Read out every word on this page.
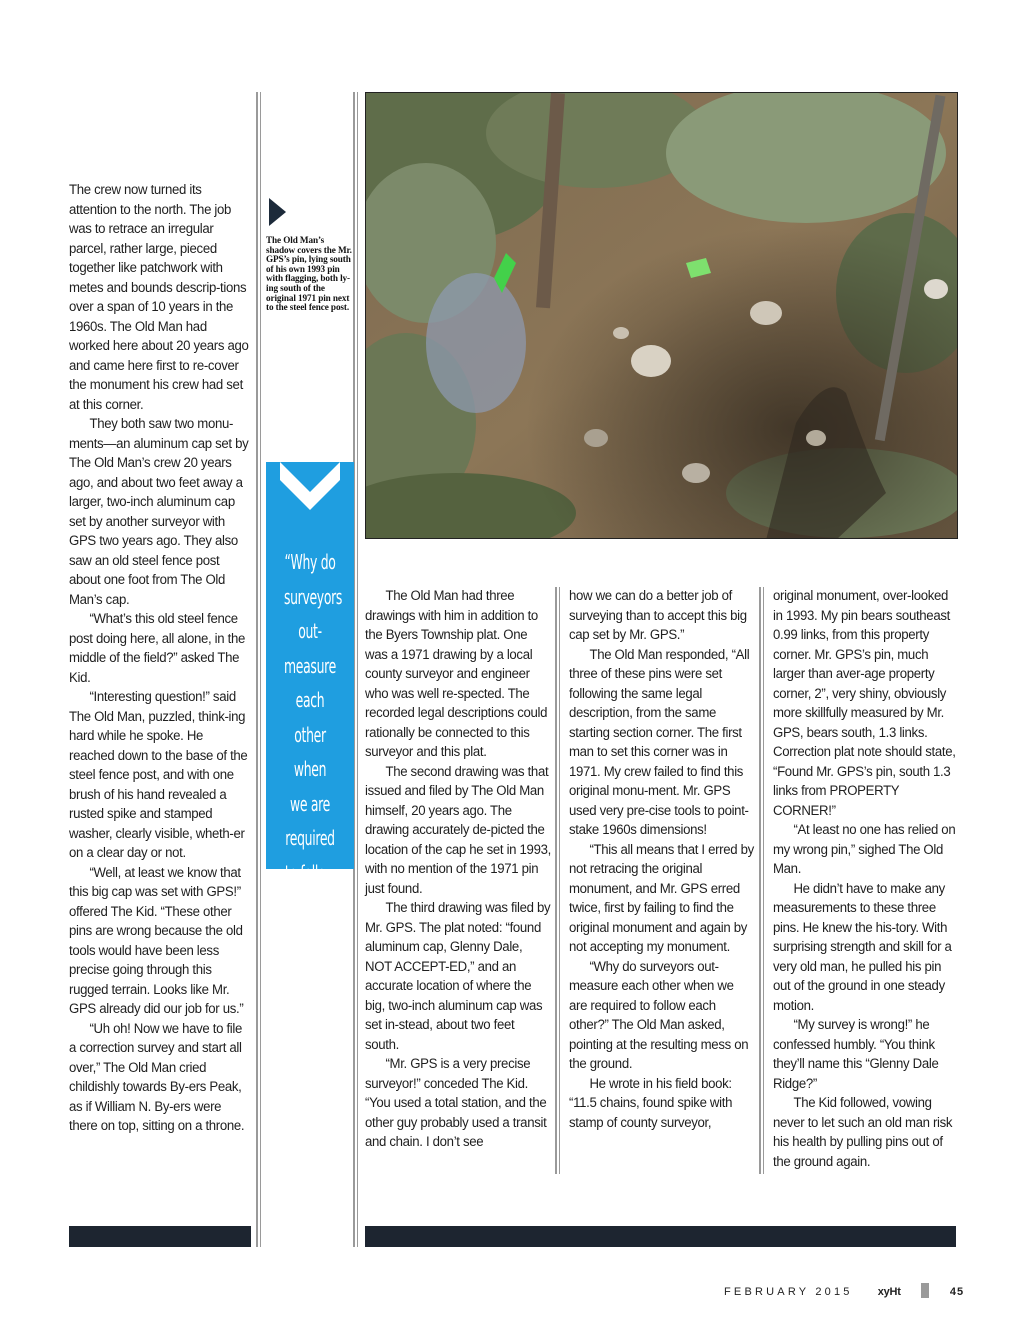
The crew now turned its attention to the north. The job was to retrace an irregular parcel, rather large, pieced together like patchwork with metes and bounds descrip-tions over a span of 10 years in the 1960s. The Old Man had worked here about 20 years ago and came here first to re-cover the monument his crew had set at this corner.

They both saw two monu-ments—an aluminum cap set by The Old Man’s crew 20 years ago, and about two feet away a larger, two-inch aluminum cap set by another surveyor with GPS two years ago. They also saw an old steel fence post about one foot from The Old Man’s cap.

“What’s this old steel fence post doing here, all alone, in the middle of the field?” asked The Kid.

“Interesting question!” said The Old Man, puzzled, think-ing hard while he spoke. He reached down to the base of the steel fence post, and with one brush of his hand revealed a rusted spike and stamped washer, clearly visible, wheth-er on a clear day or not.

“Well, at least we know that this big cap was set with GPS!” offered The Kid. “These other pins are wrong because the old tools would have been less precise going through this rugged terrain. Looks like Mr. GPS already did our job for us.”

“Uh oh! Now we have to file a correction survey and start all over,” The Old Man cried childishly towards By-ers Peak, as if William N. By-ers were there on top, sitting on a throne.

The Old Man’s shadow covers the Mr. GPS’s pin, lying south of his own 1993 pin with flagging, both ly-ing south of the original 1971 pin next to the steel fence post.
“Why do surveyors out-measure each other when we are required to follow each other?”

The Old Man had three drawings with him in addition to the Byers Township plat. One was a 1971 drawing by a local county surveyor and engineer who was well re-spected. The recorded legal descriptions could rationally be connected to this surveyor and this plat.

The second drawing was that issued and filed by The Old Man himself, 20 years ago. The drawing accurately de-picted the location of the cap he set in 1993, with no mention of the 1971 pin just found.

The third drawing was filed by Mr. GPS. The plat noted: “found aluminum cap, Glenny Dale, NOT ACCEPT-ED,” and an accurate location of where the big, two-inch aluminum cap was set in-stead, about two feet south.

“Mr. GPS is a very precise surveyor!” conceded The Kid. “You used a total station, and the other guy probably used a transit and chain. I don’t see

how we can do a better job of surveying than to accept this big cap set by Mr. GPS.”

The Old Man responded, “All three of these pins were set following the same legal description, from the same starting section corner. The first man to set this corner was in 1971. My crew failed to find this original monu-ment. Mr. GPS used very pre-cise tools to point-stake 1960s dimensions!

“This all means that I erred by not retracing the original monument, and Mr. GPS erred twice, first by failing to find the original monument and again by not accepting my monument.

“Why do surveyors out-measure each other when we are required to follow each other?” The Old Man asked, pointing at the resulting mess on the ground.

He wrote in his field book: “11.5 chains, found spike with stamp of county surveyor,

original monument, over-looked in 1993. My pin bears southeast 0.99 links, from this property corner. Mr. GPS’s pin, much larger than aver-age property corner, 2”, very shiny, obviously more skillfully measured by Mr. GPS, bears south, 1.3 links. Correction plat note should state, “Found Mr. GPS’s pin, south 1.3 links from PROPERTY CORNER!”

“At least no one has relied on my wrong pin,” sighed The Old Man.

He didn’t have to make any measurements to these three pins. He knew the his-tory. With surprising strength and skill for a very old man, he pulled his pin out of the ground in one steady motion.

“My survey is wrong!” he confessed humbly. “You think they’ll name this “Glenny Dale Ridge?”

The Kid followed, vowing never to let such an old man risk his health by pulling pins out of the ground again.

FEBRUARY 2015 xyHt	45
